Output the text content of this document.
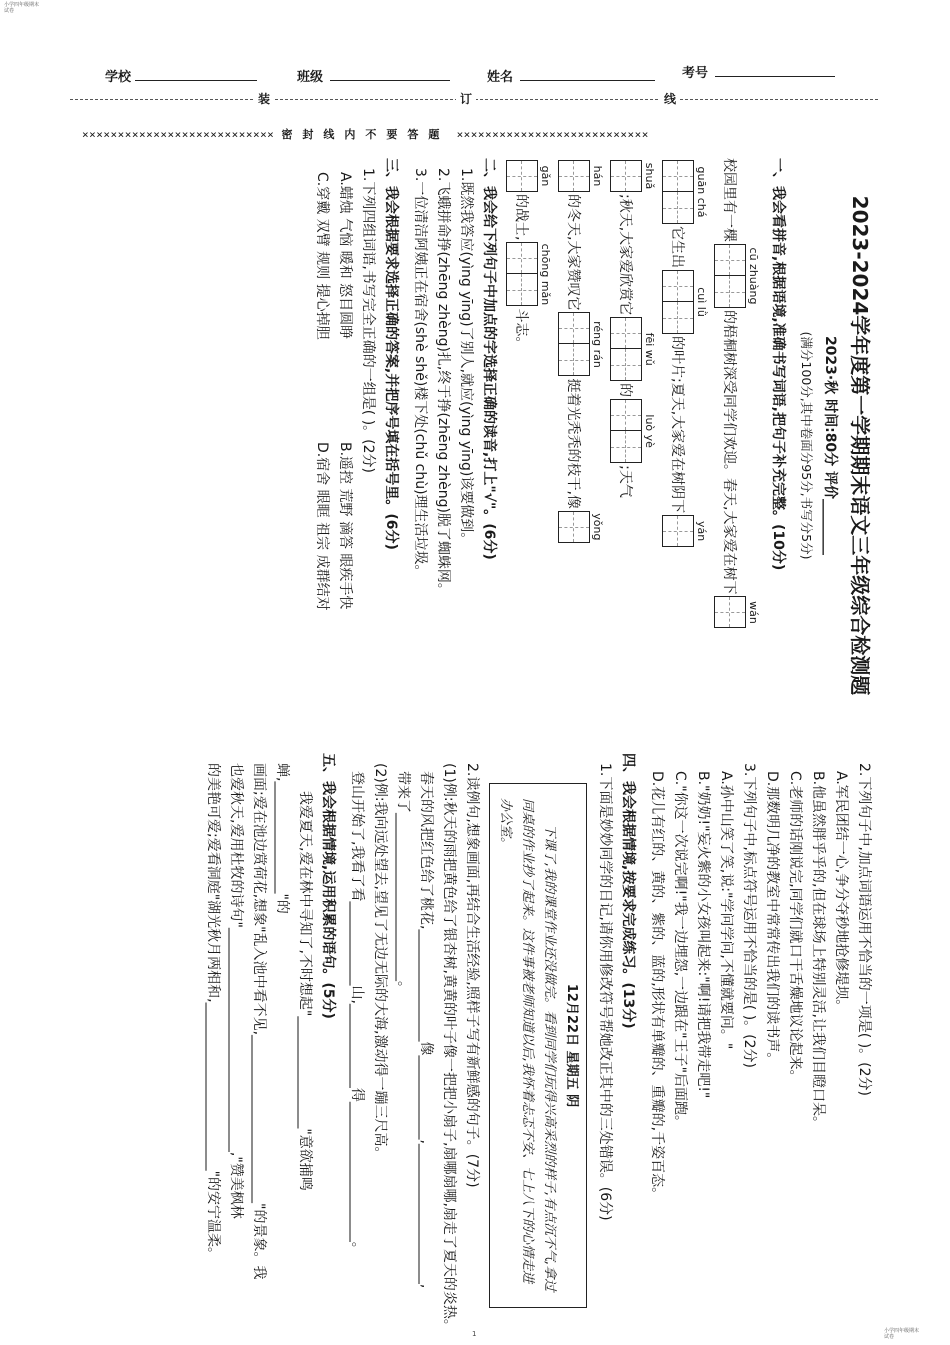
小学四年级期末
试卷
小学四年级期末
试卷
学校	班级	姓名	考号
装	订	线
××××××××××××××××××××××××××× 密封线内不要答题 ×××××××××××××××××××××××××××
2023-2024学年度第一学期期末语文三年级综合检测题
2023·秋 时间:80分 评价________
(满分100分,其中卷面分95分,书写分5分)
一、我会看拼音,根据语境,准确书写词语,把句子补充完整。(10分)
校园里有一棵
cū zhuàng
的梧桐树深受同学们欢迎。春天,大家爱在树下
wán
guān chá
它生出
cuì lǜ
的叶片;夏天,大家爱在树阴下
yán
shuǎ
;秋天,大家爱欣赏它
fēi wǔ
的
luò yè
;天气
hán
的冬天,大家赞叹它
réng rán
挺着光秃秃的枝干,像
yǒng
gǎn
的战士,
chōng mǎn
斗志。
二、我会给下列句子中加点的字选择正确的读音,打上"√"。(6分)
1.既然我答应(yìng yīng)了别人,就应(yìng yīng)该要做到。
2.飞蛾拼命挣(zhēng zhèng)扎,终于挣(zhēng zhèng)脱了蜘蛛网。
3.一位清洁阿姨正在宿舍(shè shě)楼下处(chǔ chù)理生活垃圾。
三、我会根据要求选择正确的答案,并把序号填在括号里。(6分)
1.下列四组词语,书写完全正确的一组是( )。(2分)
A.蜡烛 气恼 暖和 怒目圆睁
B.遥控 荒野 滴答 眼疾手快
C.穿戴 双臂 规则 提心掉胆
D.宿舍 眼眶 祖宗 成群结对
2.下列句子中,加点词语运用不恰当的一项是( )。(2分)
A.军民团结一心,争分夺秒地抢修堤坝。
B.他虽然胖乎乎的,但在球场上特别灵活,让我们目瞪口呆。
C.老师的话刚说完,同学们就口干舌燥地议论起来。
D.那数明几净的教室中常常传出我们的读书声。
3.下列句子中,标点符号运用不恰当的是( )。(2分)
A.孙中山笑了笑,说:"学问学问,不懂就要问。"
B."奶奶!"妄火紫的小女孩叫起来:"啊!请把我带走吧!"
C."你这一次说完啊!"我一边埋怨,一边跟在"王子"后面跑。
D.花儿有红的、黄的、紫的、蓝的,形状有单瓣的、重瓣的,千姿百态。
四、我会根据情境,按要求完成练习。(13分)
1.下面是妙妙同学的日记,请你用修改符号帮她改正其中的三处错误。(6分)
12月22日 星期五 阴
下课了,我的课堂作业还没做完。看到同学们玩得兴高采烈的样子,有点沉不气,拿过同桌的作业抄了起来。这件事被老师知道以后,我怀着忐忑不安、七上八下的心情走进办公室。
2.读例句,想象画面,再结合生活经验,照样子写有新鲜感的句子。(7分)
(1)例:秋天的雨把黄色给了银杏树,黄黄的叶子像一把把小扇子,扇哪扇哪,扇走了夏天的炎热。
春天的风把红色给了桃花,________________像____________,____________________,
带来了________________________。
(2)例:我向远处望去,望见了无边无际的大海,激动得一蹦三尺高。
登山开始了,我看了看____________山,____________得____________________。
五、我会根据情境,运用积累的语句。(5分)
我爱夏天,爱在林中寻知了,不时想起"________________"意欲捕鸣蝉,________________"的
画面;爱在池边赏荷花,想象"乱入池中看不见,________________________"的景象。我
也爱秋天,爱用杜牧的诗句"________________________________,"赞美枫林
的美艳可爱;爱看洞庭"湖光秋月两相和,________________________"的安宁温柔。
1
